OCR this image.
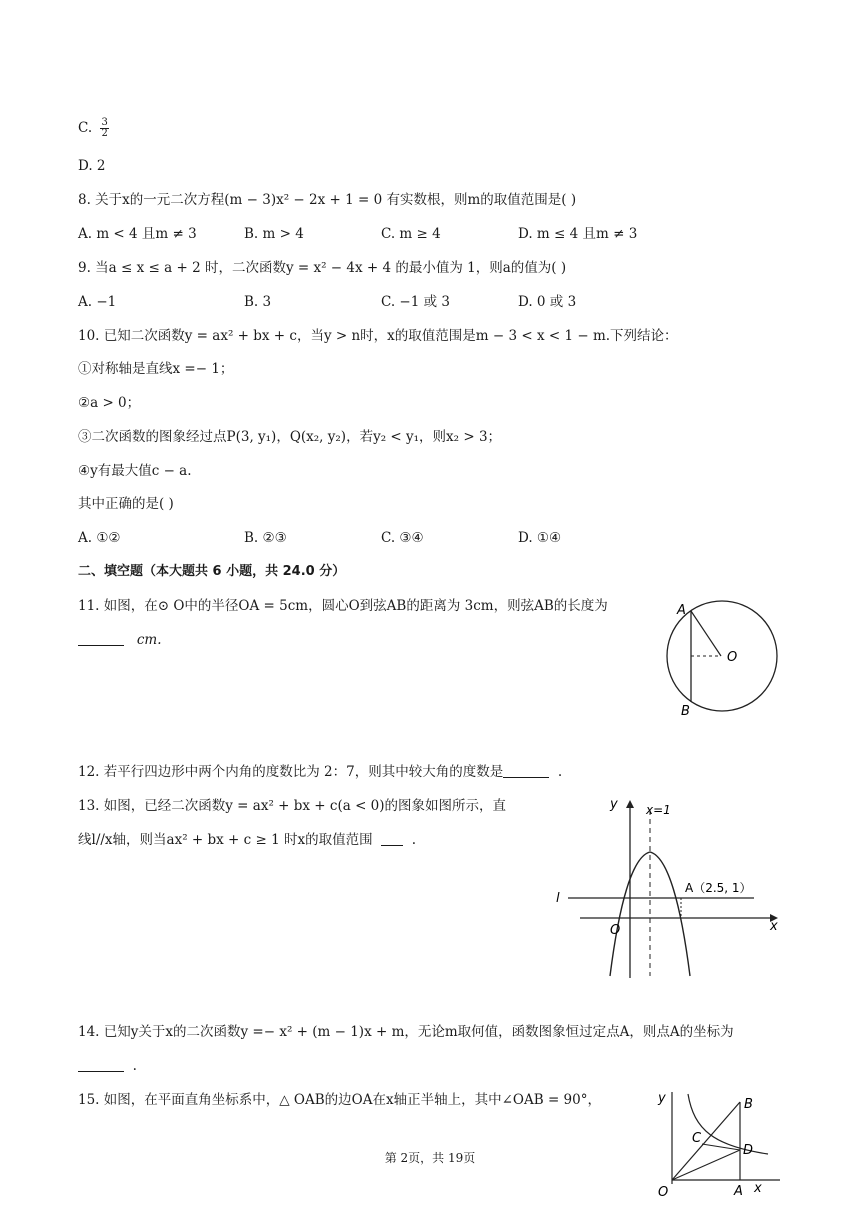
C. $\frac{3}{2}$
D. 2
8. 关于x的一元二次方程(m − 3)x² − 2x + 1 = 0 有实数根，则m的取值范围是( )
A. m < 4 且m ≠ 3	B. m > 4	C. m ≥ 4	D. m ≤ 4 且m ≠ 3
9. 当a ≤ x ≤ a + 2 时，二次函数y = x² − 4x + 4 的最小值为 1，则a的值为( )
A. −1	B. 3	C. −1 或 3	D. 0 或 3
10. 已知二次函数y = ax² + bx + c，当y > n时，x的取值范围是m − 3 < x < 1 − m.下列结论：
①对称轴是直线x =− 1；
②a > 0；
③二次函数的图象经过点P(3, y₁)，Q(x₂, y₂)，若y₂ < y₁，则x₂ > 3；
④y有最大值c − a.
其中正确的是( )
A. ①②	B. ②③	C. ③④	D. ①④
二、填空题（本大题共 6 小题，共 24.0 分）
11. 如图，在⊙ O中的半径OA = 5cm，圆心O到弦AB的距离为 3cm，则弦AB的长度为
cm.
A
B
O
12. 若平行四边形中两个内角的度数比为 2：7，则其中较大角的度数是	.
13. 如图，已经二次函数y = ax² + bx + c(a < 0)的图象如图所示，直
线l//x轴，则当ax² + bx + c ≥ 1 时x的取值范围	.
y
x
O
l
x=1
A（2.5, 1）
14. 已知y关于x的二次函数y =− x² + (m − 1)x + m，无论m取何值，函数图象恒过定点A，则点A的坐标为
.
15. 如图，在平面直角坐标系中，△ OAB的边OA在x轴正半轴上，其中∠OAB = 90°，	y
x
O	A
B
C
D
第 2页，共 19页
